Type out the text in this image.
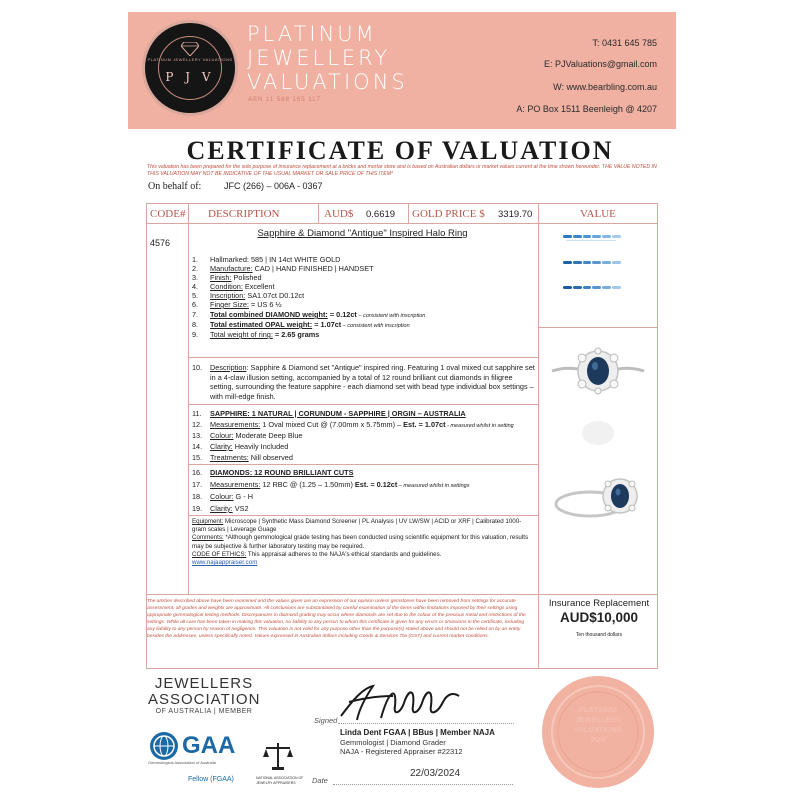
PLATINUM JEWELLERY VALUATIONS
P J V
PLATINUM
JEWELLERY
VALUATIONS
ABN 11 588 165 117
T: 0431 645 785
E: PJValuations@gmail.com
W: www.bearbling.com.au
A: PO Box 1511 Beenleigh @ 4207
CERTIFICATE OF VALUATION
This valuation has been prepared for the sole purpose of insurance replacement at a bricks and mortar store and is based on Australian dollars or market values current at the time shown hereunder. THE VALUE NOTED IN THIS VALUATION MAY NOT BE INDICATIVE OF THE USUAL MARKET OR SALE PRICE OF THIS ITEM*
On behalf of:	JFC (266) – 006A - 0367
CODE# DESCRIPTION	AUD$ 0.6619 GOLD PRICE $ 3319.70	VALUE
4576
Sapphire & Diamond "Antique" Inspired Halo Ring
1. Hallmarked: 585 | IN 14ct WHITE GOLD
2. Manufacture: CAD | HAND FINISHED | HANDSET
3. Finish: Polished
4. Condition: Excellent
5. Inscription: SA1.07ct D0.12ct
6. Finger Size: = US 6 ½
7. Total combined DIAMOND weight: = 0.12ct – consistent with inscription
8. Total estimated OPAL weight: = 1.07ct – consistent with inscription
9. Total weight of ring: = 2.65 grams
10. Description: Sapphire & Diamond set "Antique" inspired ring. Featuring 1 oval mixed cut sapphire set in a 4-claw illusion setting, accompanied by a total of 12 round brilliant cut diamonds in filigree setting, surrounding the feature sapphire - each diamond set with bead type individual box settings – with mill-edge finish.
11. SAPPHIRE: 1 NATURAL | CORUNDUM - SAPPHIRE | ORGIN – AUSTRALIA
12. Measurements: 1 Oval mixed Cut @ (7.00mm x 5.75mm) – Est. = 1.07ct - measured whilst in setting
13. Colour: Moderate Deep Blue
14. Clarity: Heavily Included
15. Treatments: Nill observed
16. DIAMONDS: 12 ROUND BRILLIANT CUTS
17. Measurements: 12 RBC @ (1.25 – 1.50mm) Est. = 0.12ct – measured whilst in settings
18. Colour: G - H
19. Clarity: VS2
Equipment: Microscope | Synthetic Mass Diamond Screener | PL Analysis | UV LW/SW | ACID or XRF | Calibrated 1000-gram scales | Leverage Guage
Comments: *Although gemmological grade testing has been conducted using scientific equipment for this valuation, results may be subjective & further laboratory testing may be required.
CODE OF ETHICS: This appraisal adheres to the NAJA's ethical standards and guidelines.
www.najaappraiser.com
The articles described above have been examined and the values given are an expression of our opinion unless gemstones have been removed from settings for accurate assessment, all grades and weights are approximate. All conclusions are substantiated by careful examination of the items within limitations imposed by their settings using appropriate gemmological testing methods. Discrepancies in diamond grading may occur where diamonds are set due to the colour of the precious metal and restrictions of the settings. While all care has been taken in making this valuation, no liability to any person to whom this certificate is given for any errors or omissions in the certificate, including any liability to any person by reason of negligence. This valuation is not valid for any purpose other than the purpose(s) stated above and should not be relied on by an entity besides the addressee, unless specifically noted. Values expressed in Australian dollars including Goods & Services Tax (GST) and current market conditions.
Insurance Replacement
AUD$10,000
Ten thousand dollars
JEWELLERS
ASSOCIATION
OF AUSTRALIA | MEMBER
GAA
Gemmological Association of Australia
Fellow (FGAA)	NATIONAL ASSOCIATION OF JEWELRY APPRAISERS
Signed
Linda Dent FGAA | BBus | Member NAJA
Gemmologist | Diamond Grader
NAJA - Registered Appraiser #22312
Date
22/03/2024
PLATINUM
JEWELLERY
VALUATIONS
PJV
